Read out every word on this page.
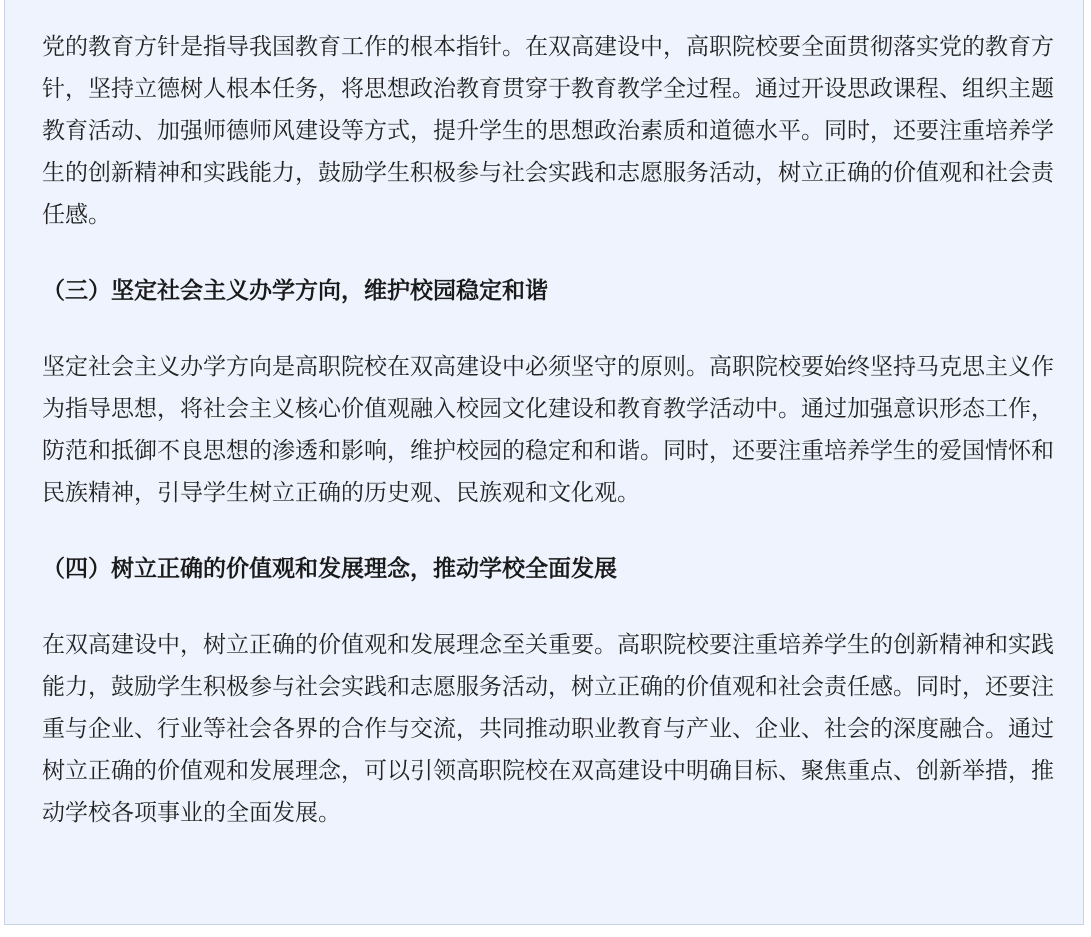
党的教育方针是指导我国教育工作的根本指针。在双高建设中，高职院校要全面贯彻落实党的教育方针，坚持立德树人根本任务，将思想政治教育贯穿于教育教学全过程。通过开设思政课程、组织主题教育活动、加强师德师风建设等方式，提升学生的思想政治素质和道德水平。同时，还要注重培养学生的创新精神和实践能力，鼓励学生积极参与社会实践和志愿服务活动，树立正确的价值观和社会责任感。

（三）坚定社会主义办学方向，维护校园稳定和谐

坚定社会主义办学方向是高职院校在双高建设中必须坚守的原则。高职院校要始终坚持马克思主义作为指导思想，将社会主义核心价值观融入校园文化建设和教育教学活动中。通过加强意识形态工作，防范和抵御不良思想的渗透和影响，维护校园的稳定和和谐。同时，还要注重培养学生的爱国情怀和民族精神，引导学生树立正确的历史观、民族观和文化观。

（四）树立正确的价值观和发展理念，推动学校全面发展

在双高建设中，树立正确的价值观和发展理念至关重要。高职院校要注重培养学生的创新精神和实践能力，鼓励学生积极参与社会实践和志愿服务活动，树立正确的价值观和社会责任感。同时，还要注重与企业、行业等社会各界的合作与交流，共同推动职业教育与产业、企业、社会的深度融合。通过树立正确的价值观和发展理念，可以引领高职院校在双高建设中明确目标、聚焦重点、创新举措，推动学校各项事业的全面发展。
